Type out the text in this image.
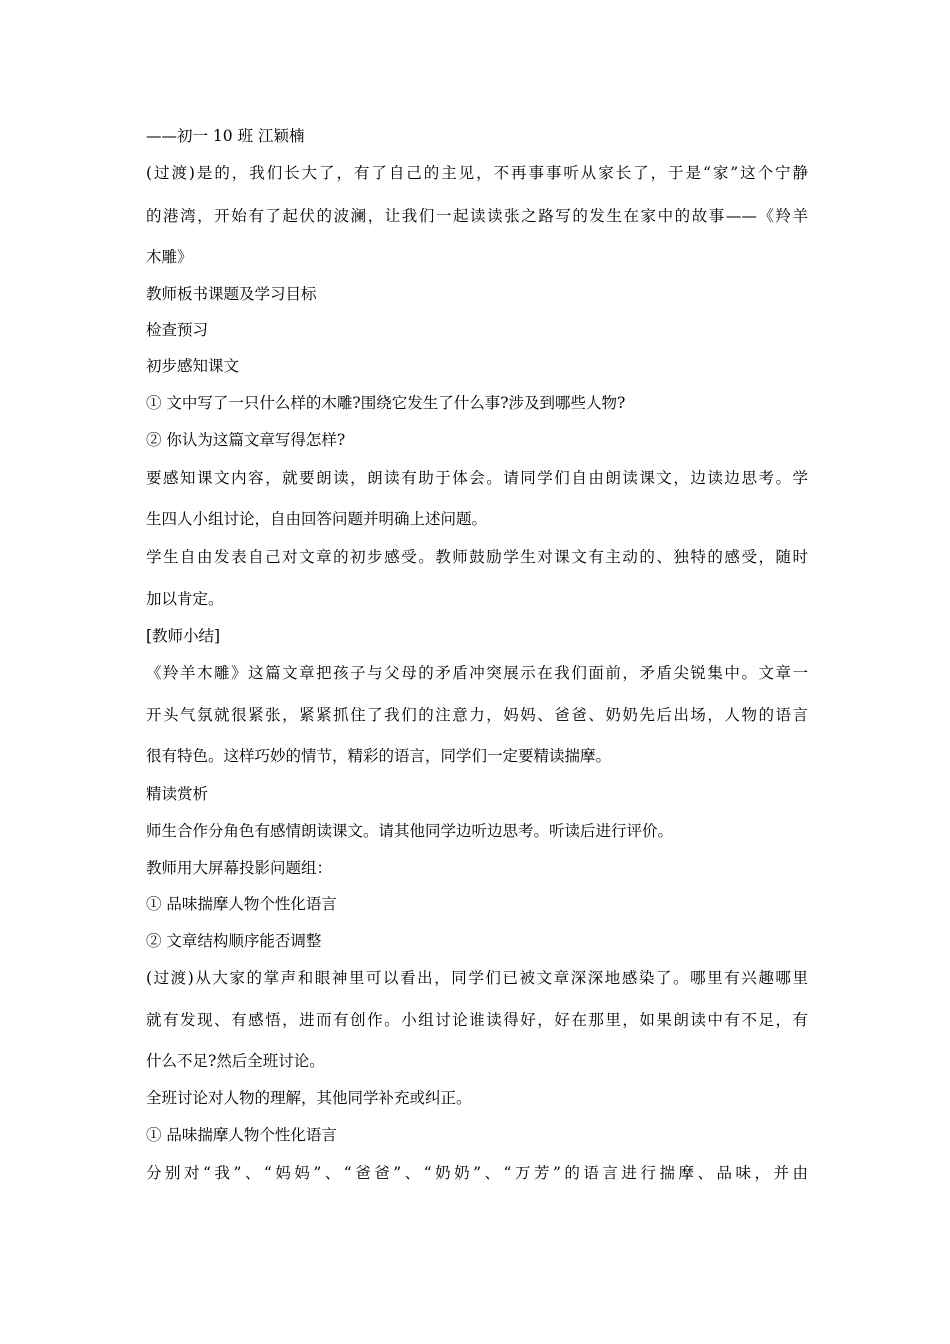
——初一 10 班 江颖楠
(过渡)是的，我们长大了，有了自己的主见，不再事事听从家长了，于是“家”这个宁静
的港湾，开始有了起伏的波澜，让我们一起读读张之路写的发生在家中的故事——《羚羊
木雕》
教师板书课题及学习目标
检查预习
初步感知课文
① 文中写了一只什么样的木雕?围绕它发生了什么事?涉及到哪些人物?
② 你认为这篇文章写得怎样?
要感知课文内容，就要朗读，朗读有助于体会。请同学们自由朗读课文，边读边思考。学
生四人小组讨论，自由回答问题并明确上述问题。
学生自由发表自己对文章的初步感受。教师鼓励学生对课文有主动的、独特的感受，随时
加以肯定。
[教师小结]
《羚羊木雕》这篇文章把孩子与父母的矛盾冲突展示在我们面前，矛盾尖锐集中。文章一
开头气氛就很紧张，紧紧抓住了我们的注意力，妈妈、爸爸、奶奶先后出场，人物的语言
很有特色。这样巧妙的情节，精彩的语言，同学们一定要精读揣摩。
精读赏析
师生合作分角色有感情朗读课文。请其他同学边听边思考。听读后进行评价。
教师用大屏幕投影问题组：
① 品味揣摩人物个性化语言
② 文章结构顺序能否调整
(过渡)从大家的掌声和眼神里可以看出，同学们已被文章深深地感染了。哪里有兴趣哪里
就有发现、有感悟，进而有创作。小组讨论谁读得好，好在那里，如果朗读中有不足，有
什么不足?然后全班讨论。
全班讨论对人物的理解，其他同学补充或纠正。
① 品味揣摩人物个性化语言
分别对“我”、“妈妈”、“爸爸”、“奶奶”、“万芳”的语言进行揣摩、品味，并由
